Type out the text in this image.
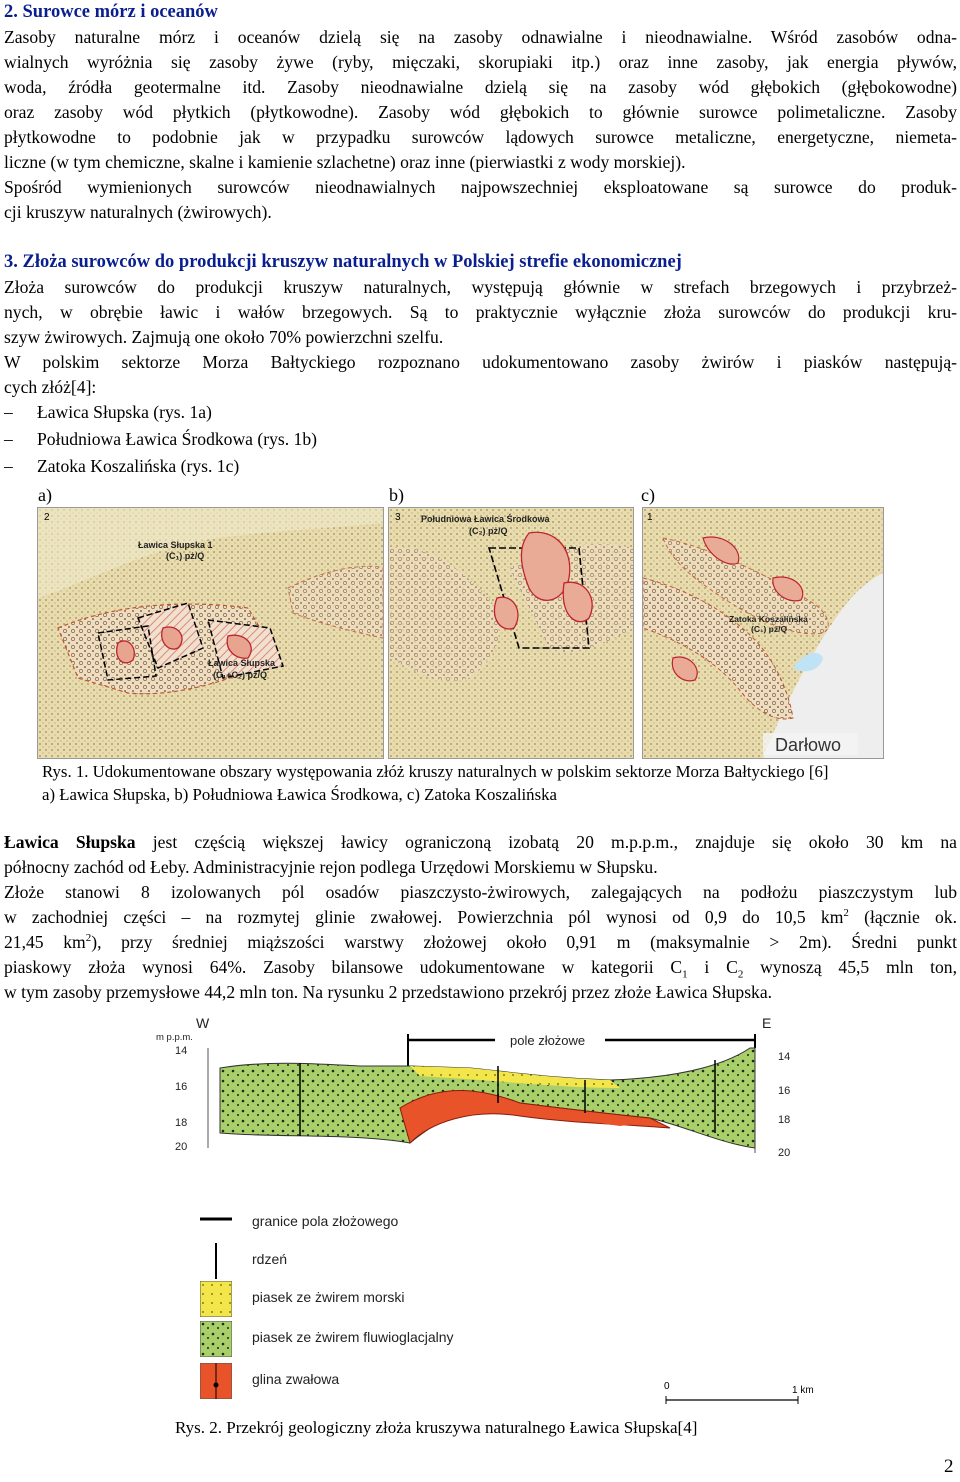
2. Surowce mórz i oceanów
Zasoby naturalne mórz i oceanów dzielą się na zasoby odnawialne i nieodnawialne. Wśród zasobów odna-
wialnych wyróżnia się zasoby żywe (ryby, mięczaki, skorupiaki itp.) oraz inne zasoby, jak energia pływów,
woda, źródła geotermalne itd. Zasoby nieodnawialne dzielą się na zasoby wód głębokich (głębokowodne)
oraz zasoby wód płytkich (płytkowodne). Zasoby wód głębokich to głównie surowce polimetaliczne. Zasoby
płytkowodne to podobnie jak w przypadku surowców lądowych surowce metaliczne, energetyczne, niemeta-
liczne (w tym chemiczne, skalne i kamienie szlachetne) oraz inne (pierwiastki z wody morskiej).
Spośród wymienionych surowców nieodnawialnych najpowszechniej eksploatowane są surowce do produk-
cji kruszyw naturalnych (żwirowych).
3. Złoża surowców do produkcji kruszyw naturalnych w Polskiej strefie ekonomicznej
Złoża surowców do produkcji kruszyw naturalnych, występują głównie w strefach brzegowych i przybrzeż-
nych, w obrębie ławic i wałów brzegowych. Są to praktycznie wyłącznie złoża surowców do produkcji kru-
szyw żwirowych. Zajmują one około 70% powierzchni szelfu.
W polskim sektorze Morza Bałtyckiego rozpoznano udokumentowano zasoby żwirów i piasków następują-
cych złóż[4]:
– Ławica Słupska (rys. 1a)
– Południowa Ławica Środkowa (rys. 1b)
– Zatoka Koszalińska (rys. 1c)
a)	b)	c)
2
Ławica Słupska 1
(C₁) pż/Q
Ławica Słupska
(C₁+C₂) pż/Q
3 Południowa Ławica Środkowa
(C₂) pż/Q
1
Zatoka Koszalińska
(C₁) pż/Q
Darłowo
Rys. 1. Udokumentowane obszary występowania złóż kruszy naturalnych w polskim sektorze Morza Bałtyckiego [6]
a) Ławica Słupska, b) Południowa Ławica Środkowa, c) Zatoka Koszalińska
Ławica Słupska jest częścią większej ławicy ograniczoną izobatą 20 m.p.p.m., znajduje się około 30 km na
północny zachód od Łeby. Administracyjnie rejon podlega Urzędowi Morskiemu w Słupsku.
Złoże stanowi 8 izolowanych pól osadów piaszczysto-żwirowych, zalegających na podłożu piaszczystym lub
w zachodniej części – na rozmytej glinie zwałowej. Powierzchnia pól wynosi od 0,9 do 10,5 $km^2$ (łącznie ok.
21,45 $km^2$), przy średniej miąższości warstwy złożowej około 0,91 m (maksymalnie > 2m). Średni punkt
piaskowy złoża wynosi 64%. Zasoby bilansowe udokumentowane w kategorii $C_1$ i $C_2$ wynoszą 45,5 mln ton,
w tym zasoby przemysłowe 44,2 mln ton. Na rysunku 2 przedstawiono przekrój przez złoże Ławica Słupska.
W	E
m p.p.m.
14
16
18
20
14
16
18
20
pole złożowe
granice pola złożowego
rdzeń
piasek ze żwirem morski
piasek ze żwirem fluwioglacjalny
glina zwałowa	0	1 km
Rys. 2. Przekrój geologiczny złoża kruszywa naturalnego Ławica Słupska[4]
2
